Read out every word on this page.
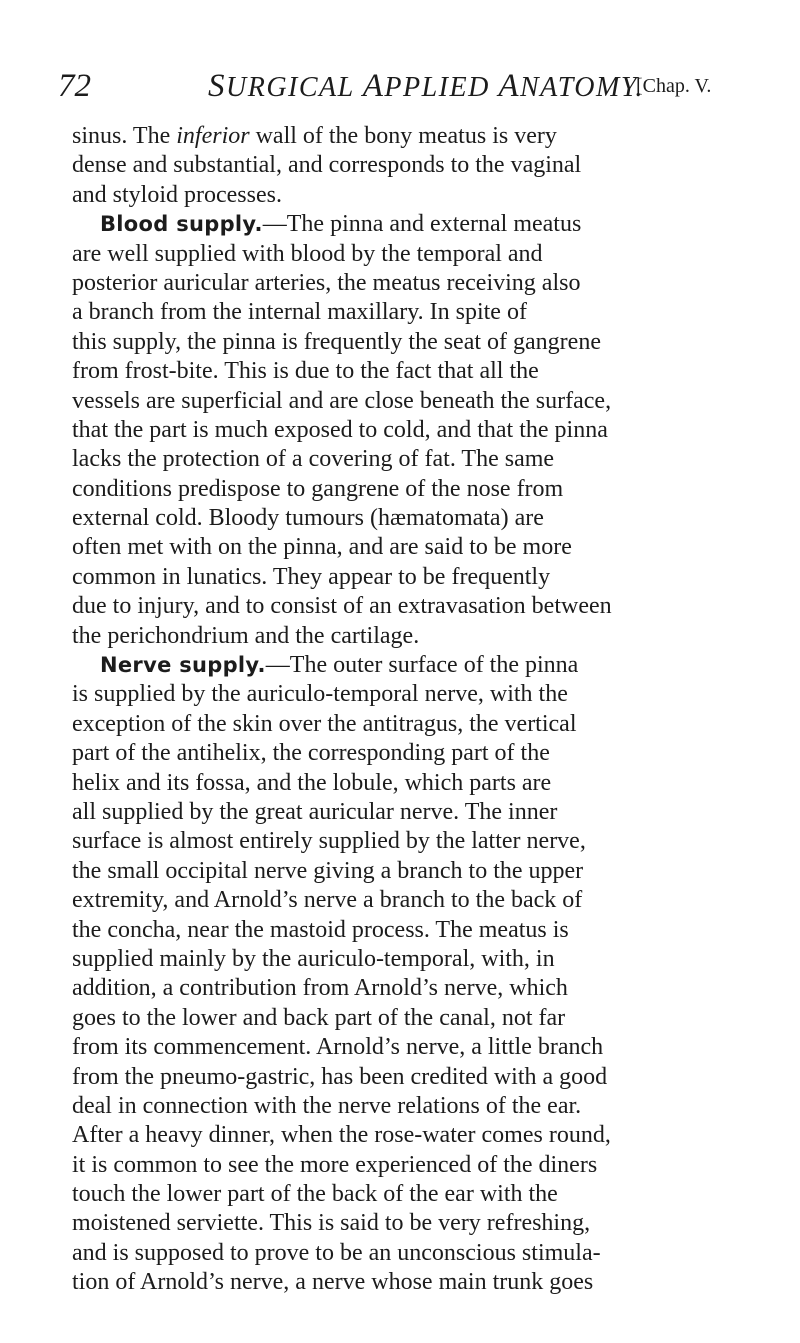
72	SURGICAL APPLIED ANATOMY.
[Chap. V.
sinus. The inferior wall of the bony meatus is very
dense and substantial, and corresponds to the vaginal
and styloid processes.
Blood supply.—The pinna and external meatus
are well supplied with blood by the temporal and
posterior auricular arteries, the meatus receiving also
a branch from the internal maxillary. In spite of
this supply, the pinna is frequently the seat of gangrene
from frost-bite. This is due to the fact that all the
vessels are superficial and are close beneath the surface,
that the part is much exposed to cold, and that the pinna
lacks the protection of a covering of fat. The same
conditions predispose to gangrene of the nose from
external cold. Bloody tumours (hæmatomata) are
often met with on the pinna, and are said to be more
common in lunatics. They appear to be frequently
due to injury, and to consist of an extravasation between
the perichondrium and the cartilage.
Nerve supply.—The outer surface of the pinna
is supplied by the auriculo-temporal nerve, with the
exception of the skin over the antitragus, the vertical
part of the antihelix, the corresponding part of the
helix and its fossa, and the lobule, which parts are
all supplied by the great auricular nerve. The inner
surface is almost entirely supplied by the latter nerve,
the small occipital nerve giving a branch to the upper
extremity, and Arnold’s nerve a branch to the back of
the concha, near the mastoid process. The meatus is
supplied mainly by the auriculo-temporal, with, in
addition, a contribution from Arnold’s nerve, which
goes to the lower and back part of the canal, not far
from its commencement. Arnold’s nerve, a little branch
from the pneumo-gastric, has been credited with a good
deal in connection with the nerve relations of the ear.
After a heavy dinner, when the rose-water comes round,
it is common to see the more experienced of the diners
touch the lower part of the back of the ear with the
moistened serviette. This is said to be very refreshing,
and is supposed to prove to be an unconscious stimula-
tion of Arnold’s nerve, a nerve whose main trunk goes
